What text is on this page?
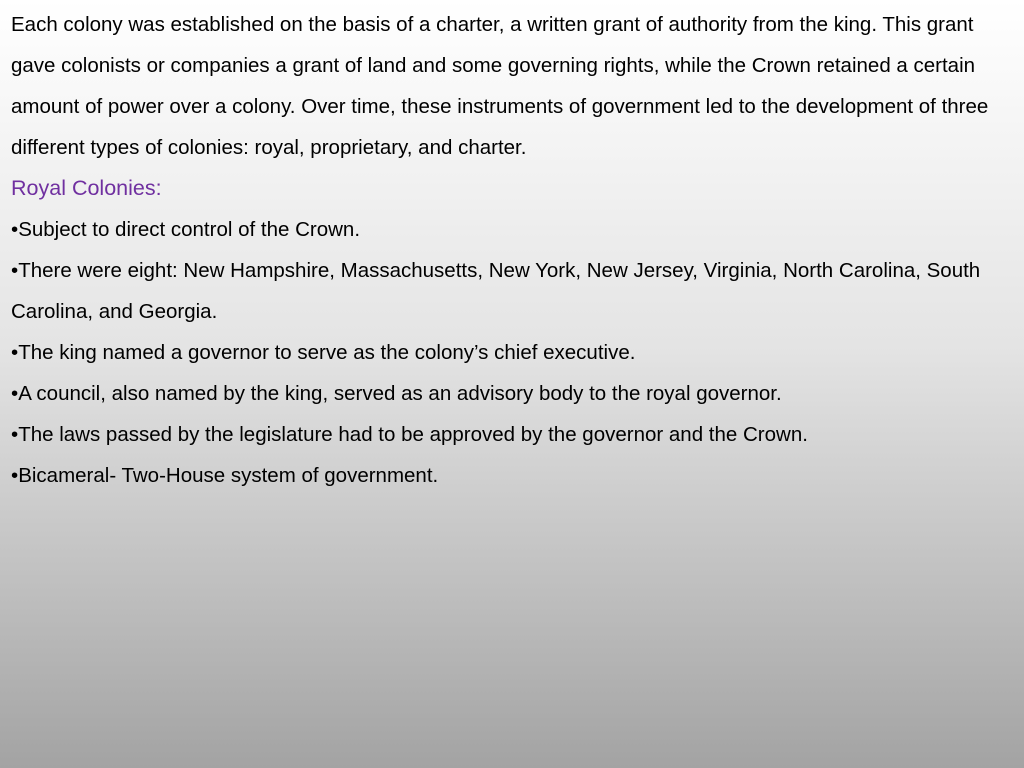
Each colony was established on the basis of a charter, a written grant of authority from the king. This grant gave colonists or companies a grant of land and some governing rights, while the Crown retained a certain amount of power over a colony. Over time, these instruments of government led to the development of three different types of colonies: royal, proprietary, and charter.

Royal Colonies:

•Subject to direct control of the Crown.
•There were eight: New Hampshire, Massachusetts, New York, New Jersey, Virginia, North Carolina, South Carolina, and Georgia.
•The king named a governor to serve as the colony’s chief executive.
•A council, also named by the king, served as an advisory body to the royal governor.
•The laws passed by the legislature had to be approved by the governor and the Crown.
•Bicameral- Two-House system of government.
